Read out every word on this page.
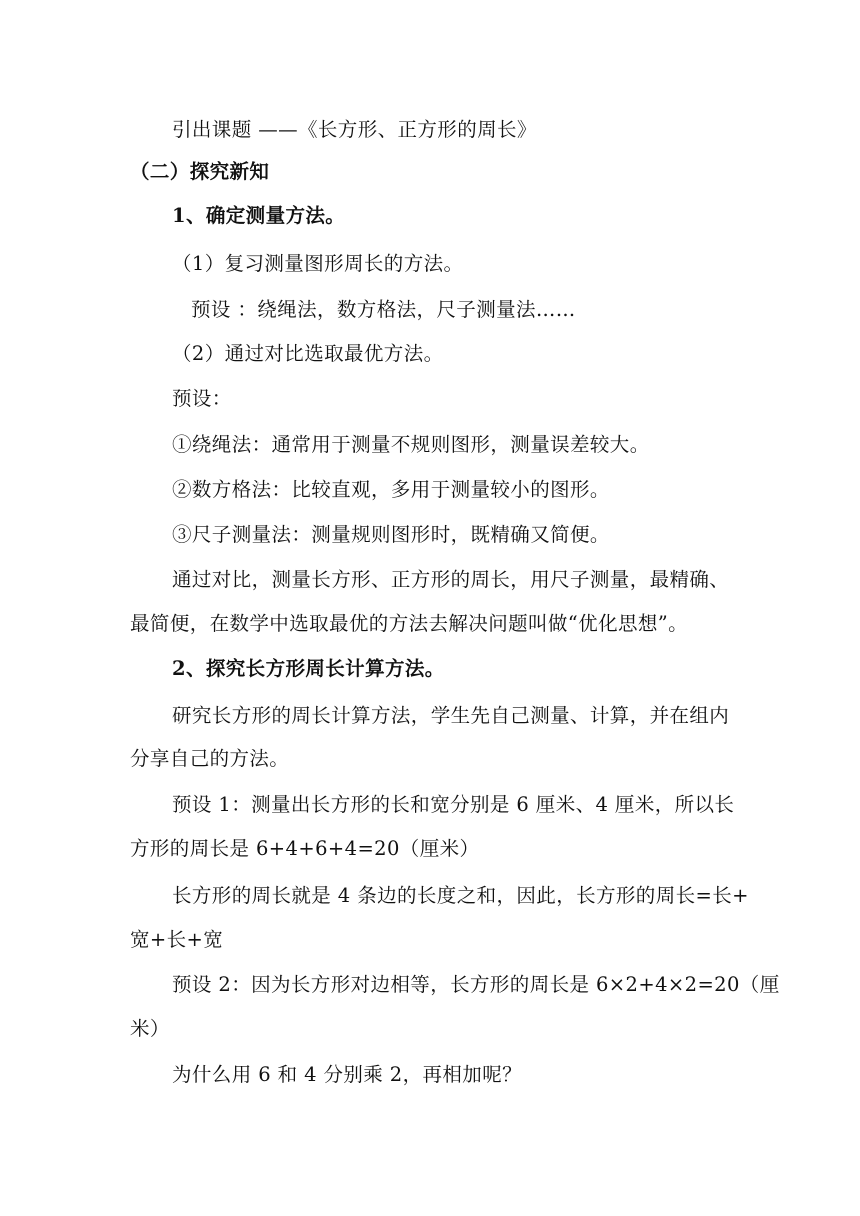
引出课题 ——《长方形、正方形的周长》
（二）探究新知
1、确定测量方法。
（1）复习测量图形周长的方法。
预设 ：绕绳法，数方格法，尺子测量法……
（2）通过对比选取最优方法。
预设：
①绕绳法：通常用于测量不规则图形，测量误差较大。
②数方格法：比较直观，多用于测量较小的图形。
③尺子测量法：测量规则图形时，既精确又简便。
通过对比，测量长方形、正方形的周长，用尺子测量，最精确、
最简便，在数学中选取最优的方法去解决问题叫做“优化思想”。
2、探究长方形周长计算方法。
研究长方形的周长计算方法，学生先自己测量、计算，并在组内
分享自己的方法。
预设 1：测量出长方形的长和宽分别是 6 厘米、4 厘米，所以长
方形的周长是 6+4+6+4=20（厘米）
长方形的周长就是 4 条边的长度之和，因此，长方形的周长=长+
宽+长+宽
预设 2：因为长方形对边相等，长方形的周长是 6×2+4×2=20（厘
米）
为什么用 6 和 4 分别乘 2，再相加呢？
